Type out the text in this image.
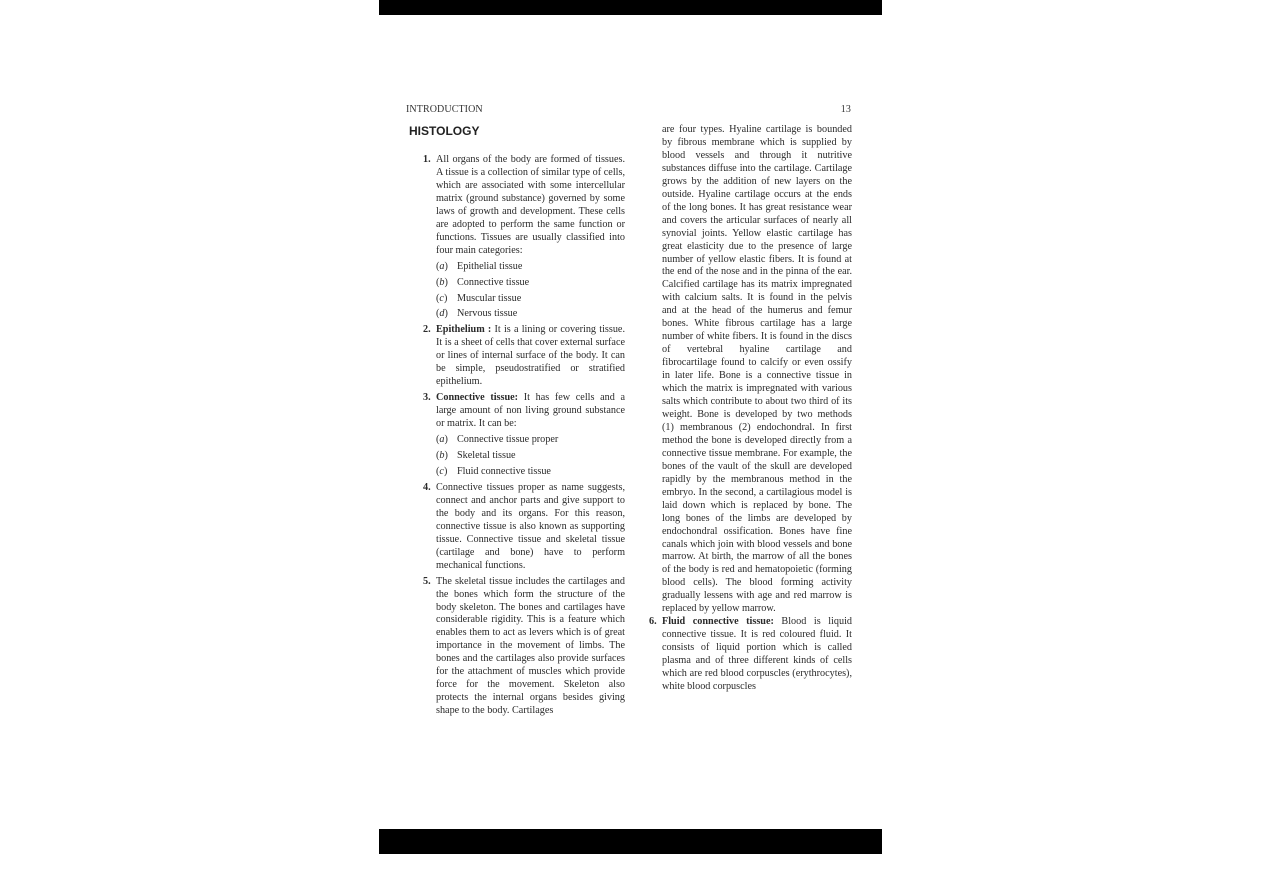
INTRODUCTION	13
HISTOLOGY
1. All organs of the body are formed of tissues. A tissue is a collection of similar type of cells, which are associated with some intercellular matrix (ground substance) governed by some laws of growth and development. These cells are adopted to perform the same function or functions. Tissues are usually classified into four main categories:

(a) Epithelial tissue
(b) Connective tissue
(c) Muscular tissue
(d) Nervous tissue
2. Epithelium : It is a lining or covering tissue. It is a sheet of cells that cover external surface or lines of internal surface of the body. It can be simple, pseudostratified or stratified epithelium.

3. Connective tissue: It has few cells and a large amount of non living ground substance or matrix. It can be:

(a) Connective tissue proper
(b) Skeletal tissue
(c) Fluid connective tissue
4. Connective tissues proper as name suggests, connect and anchor parts and give support to the body and its organs. For this reason, connective tissue is also known as supporting tissue. Connective tissue and skeletal tissue (cartilage and bone) have to perform mechanical functions.

5. The skeletal tissue includes the cartilages and the bones which form the structure of the body skeleton. The bones and cartilages have considerable rigidity. This is a feature which enables them to act as levers which is of great importance in the movement of limbs. The bones and the cartilages also provide surfaces for the attachment of muscles which provide force for the movement. Skeleton also protects the internal organs besides giving shape to the body. Cartilages

are four types. Hyaline cartilage is bounded by fibrous membrane which is supplied by blood vessels and through it nutritive substances diffuse into the cartilage. Cartilage grows by the addition of new layers on the outside. Hyaline cartilage occurs at the ends of the long bones. It has great resistance wear and covers the articular surfaces of nearly all synovial joints. Yellow elastic cartilage has great elasticity due to the presence of large number of yellow elastic fibers. It is found at the end of the nose and in the pinna of the ear. Calcified cartilage has its matrix impregnated with calcium salts. It is found in the pelvis and at the head of the humerus and femur bones. White fibrous cartilage has a large number of white fibers. It is found in the discs of vertebral hyaline cartilage and fibrocartilage found to calcify or even ossify in later life. Bone is a connective tissue in which the matrix is impregnated with various salts which contribute to about two third of its weight. Bone is developed by two methods (1) membranous (2) endochondral. In first method the bone is developed directly from a connective tissue membrane. For example, the bones of the vault of the skull are developed rapidly by the membranous method in the embryo. In the second, a cartilagious model is laid down which is replaced by bone. The long bones of the limbs are developed by endochondral ossification. Bones have fine canals which join with blood vessels and bone marrow. At birth, the marrow of all the bones of the body is red and hematopoietic (forming blood cells). The blood forming activity gradually lessens with age and red marrow is replaced by yellow marrow.

6. Fluid connective tissue: Blood is liquid connective tissue. It is red coloured fluid. It consists of liquid portion which is called plasma and of three different kinds of cells which are red blood corpuscles (erythrocytes), white blood corpuscles
